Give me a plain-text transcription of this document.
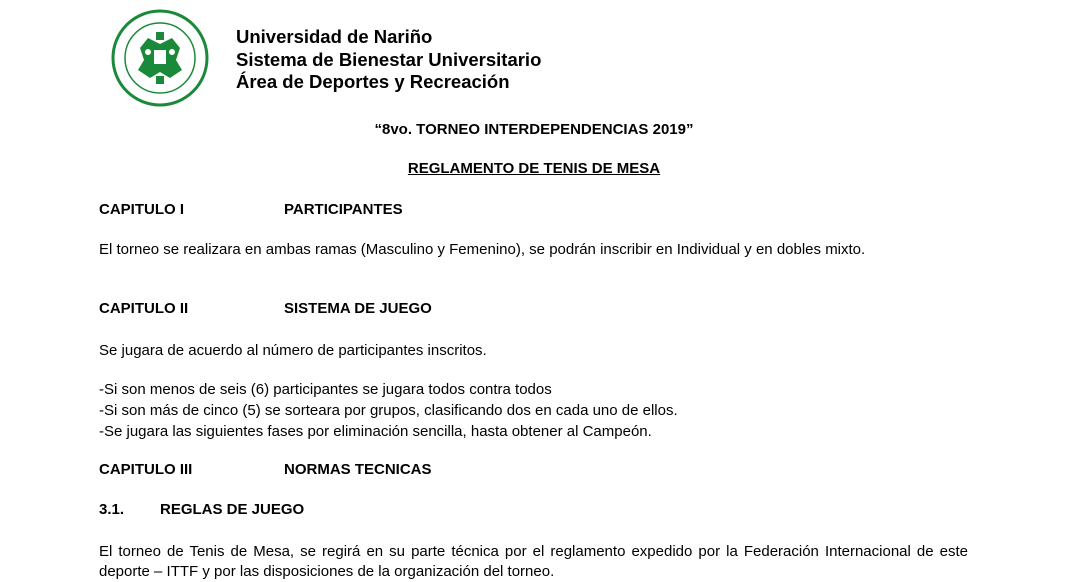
Universidad de Nariño
Sistema de Bienestar Universitario
Área de Deportes y Recreación
“8vo. TORNEO INTERDEPENDENCIAS 2019”
REGLAMENTO DE TENIS DE MESA
CAPITULO I	PARTICIPANTES
El torneo se realizara en ambas ramas (Masculino y Femenino), se podrán inscribir en Individual y en dobles mixto.
CAPITULO II	SISTEMA DE JUEGO
Se jugara de acuerdo al número de participantes inscritos.
-Si son menos de seis (6) participantes se jugara todos contra todos
-Si son más de cinco (5) se sorteara por grupos, clasificando dos en cada uno de ellos.
-Se jugara las siguientes fases por eliminación sencilla, hasta obtener al Campeón.
CAPITULO III	NORMAS TECNICAS
3.1. REGLAS DE JUEGO
El torneo de Tenis de Mesa, se regirá en su parte técnica por el reglamento expedido por la Federación Internacional de este deporte – ITTF y por las disposiciones de la organización del torneo.
